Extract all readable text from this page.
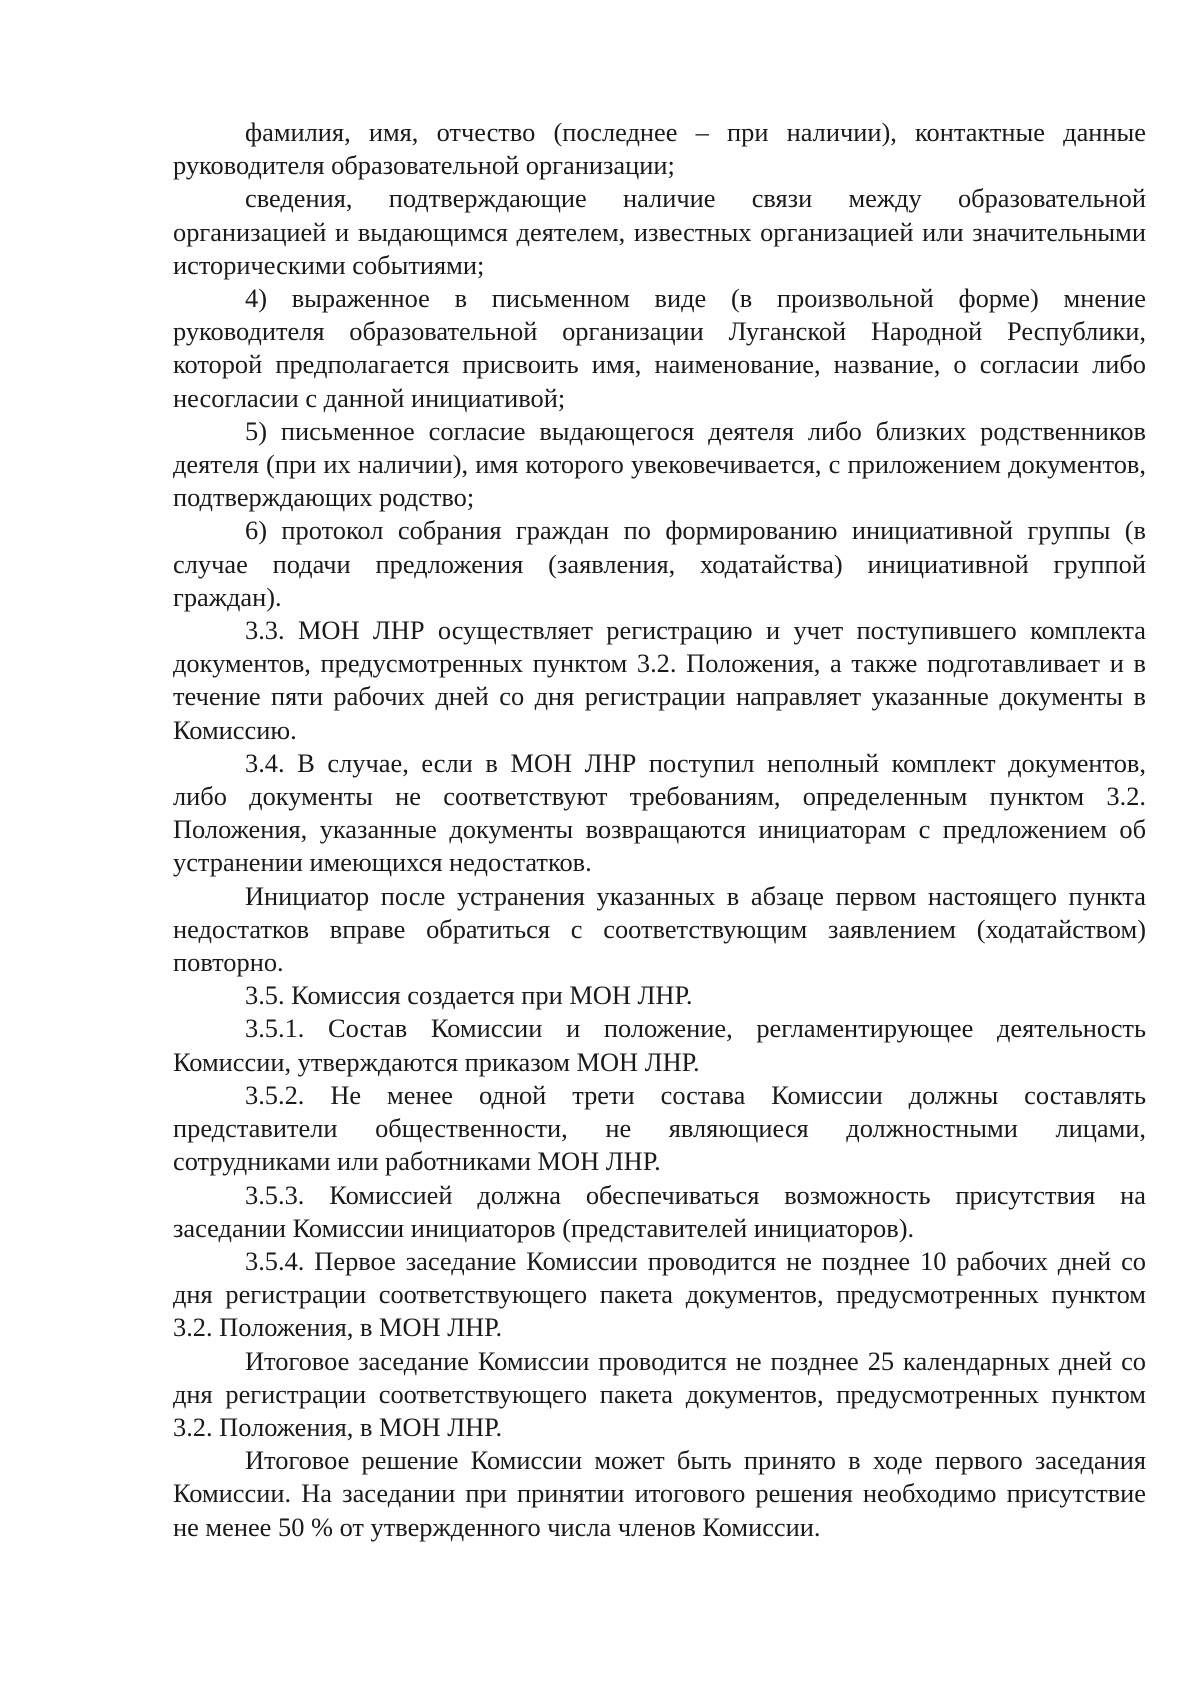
фамилия, имя, отчество (последнее – при наличии), контактные данные руководителя образовательной организации;

сведения, подтверждающие наличие связи между образовательной организацией и выдающимся деятелем, известных организацией или значительными историческими событиями;

4) выраженное в письменном виде (в произвольной форме) мнение руководителя образовательной организации Луганской Народной Республики, которой предполагается присвоить имя, наименование, название, о согласии либо несогласии с данной инициативой;

5) письменное согласие выдающегося деятеля либо близких родственников деятеля (при их наличии), имя которого увековечивается, с приложением документов, подтверждающих родство;

6) протокол собрания граждан по формированию инициативной группы (в случае подачи предложения (заявления, ходатайства) инициативной группой граждан).

3.3. МОН ЛНР осуществляет регистрацию и учет поступившего комплекта документов, предусмотренных пунктом 3.2. Положения, а также подготавливает и в течение пяти рабочих дней со дня регистрации направляет указанные документы в Комиссию.

3.4. В случае, если в МОН ЛНР поступил неполный комплект документов, либо документы не соответствуют требованиям, определенным пунктом 3.2. Положения, указанные документы возвращаются инициаторам с предложением об устранении имеющихся недостатков.

Инициатор после устранения указанных в абзаце первом настоящего пункта недостатков вправе обратиться с соответствующим заявлением (ходатайством) повторно.

3.5. Комиссия создается при МОН ЛНР.

3.5.1. Состав Комиссии и положение, регламентирующее деятельность Комиссии, утверждаются приказом МОН ЛНР.

3.5.2. Не менее одной трети состава Комиссии должны составлять представители общественности, не являющиеся должностными лицами, сотрудниками или работниками МОН ЛНР.

3.5.3. Комиссией должна обеспечиваться возможность присутствия на заседании Комиссии инициаторов (представителей инициаторов).

3.5.4. Первое заседание Комиссии проводится не позднее 10 рабочих дней со дня регистрации соответствующего пакета документов, предусмотренных пунктом 3.2. Положения, в МОН ЛНР.

Итоговое заседание Комиссии проводится не позднее 25 календарных дней со дня регистрации соответствующего пакета документов, предусмотренных пунктом 3.2. Положения, в МОН ЛНР.

Итоговое решение Комиссии может быть принято в ходе первого заседания Комиссии. На заседании при принятии итогового решения необходимо присутствие не менее 50 % от утвержденного числа членов Комиссии.
